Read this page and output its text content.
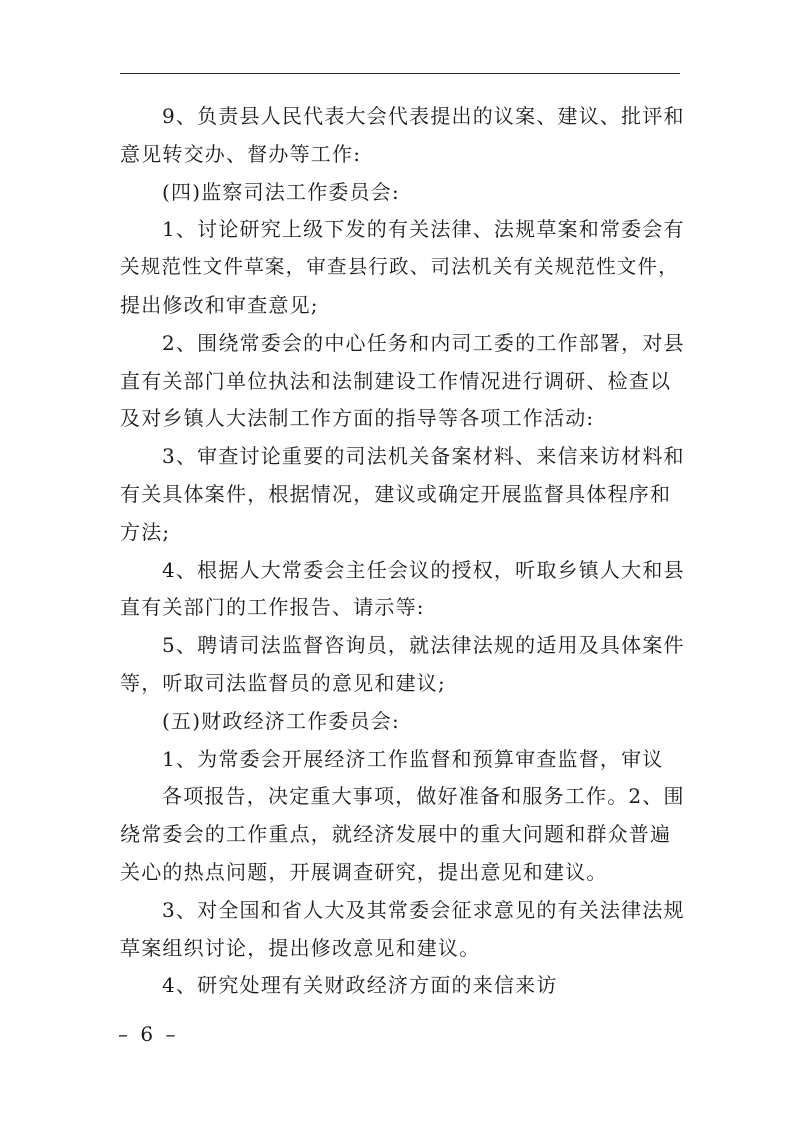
9、负责县人民代表大会代表提出的议案、建议、批评和
意见转交办、督办等工作:
(四)监察司法工作委员会:
1、讨论研究上级下发的有关法律、法规草案和常委会有
关规范性文件草案，审查县行政、司法机关有关规范性文件，
提出修改和审查意见;
2、围绕常委会的中心任务和内司工委的工作部署，对县
直有关部门单位执法和法制建设工作情况进行调研、检查以
及对乡镇人大法制工作方面的指导等各项工作活动:
3、审查讨论重要的司法机关备案材料、来信来访材料和
有关具体案件，根据情况，建议或确定开展监督具体程序和
方法;
4、根据人大常委会主任会议的授权，听取乡镇人大和县
直有关部门的工作报告、请示等:
5、聘请司法监督咨询员，就法律法规的适用及具体案件
等，听取司法监督员的意见和建议;
(五)财政经济工作委员会:
1、为常委会开展经济工作监督和预算审查监督，审议
各项报告，决定重大事项，做好准备和服务工作。2、围
绕常委会的工作重点，就经济发展中的重大问题和群众普遍
关心的热点问题，开展调查研究，提出意见和建议。
3、对全国和省人大及其常委会征求意见的有关法律法规
草案组织讨论，提出修改意见和建议。
4、研究处理有关财政经济方面的来信来访
– 6 –
